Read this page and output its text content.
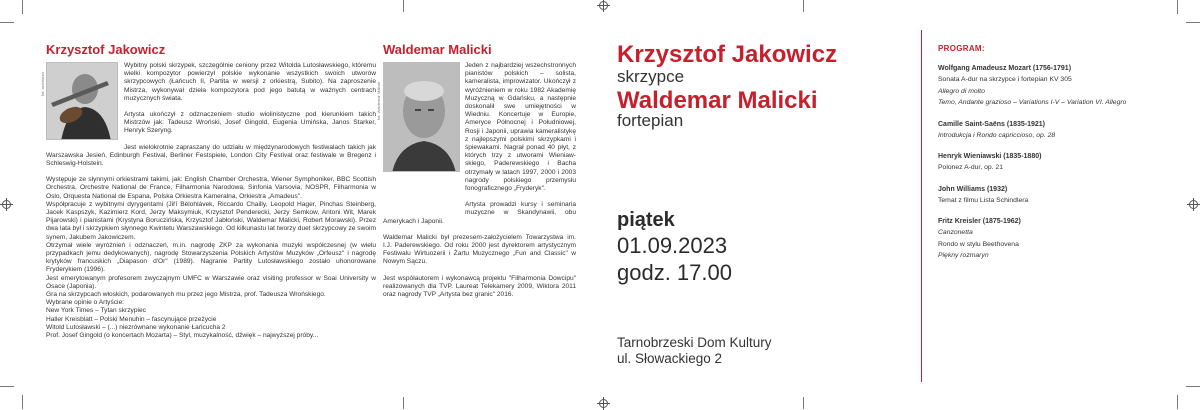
Krzysztof Jakowicz
fot. archiwum

Wybitny polski skrzypek, szczególnie ceniony przez Witolda Lutosławskiego, któremu wielki kompozytor powierzył polskie wykonanie wszystkich swoich utworów skrzypcowych (Łańcuch II, Partita w wersji z orkiestrą, Subito). Na zaproszenie Mistrza, wykonywał dzieła kompozytora pod jego batutą w ważnych centrach muzycznych świata.

Artysta ukończył z odznaczeniem studio wiolinistyczne pod kierunkiem takich Mistrzów jak: Tadeusz Wroński, Josef Gingold, Eugenia Umińska, Janos Starker, Henryk Szeryng.

Jest wielokrotnie zapraszany do udziału w międzynarodowych festiwalach takich jak Warszawska Jesień, Edinburgh Festival, Berliner Festspiele, London City Festival oraz festiwale w Bregenz i Schleswig-Holstein.

Występuje ze słynnymi orkiestrami takimi, jak: English Chamber Orchestra, Wiener Symphoniker, BBC Scottish Orchestra, Orchestre National de France, Filharmonia Narodowa, Sinfonia Varsovia, NOSPR, Filharmonia w Oslo, Orquesta National de Espana, Polska Orkiestra Kameralna, Orkiestra „Amadeus".

Współpracuje z wybitnymi dyrygentami (Jiří Bělohlávek, Riccardo Chailly, Leopold Hager, Pinchas Steinberg, Jacek Kaspszyk, Kazimierz Kord, Jerzy Maksymiuk, Krzysztof Penderecki, Jerzy Semkow, Antoni Wit, Marek Pijarowski) i pianistami (Krystyna Boruczińska, Krzysztof Jabłoński, Waldemar Malicki, Robert Morawski). Przez dwa lata był i skrzypkiem słynnego Kwintetu Warszawskiego. Od kilkunastu lat tworzy duet skrzypcowy ze swoim synem, Jakubem Jakowiczem.

Otrzymał wiele wyróżnień i odznaczeń, m.in. nagrodę ZKP za wykonania muzyki współczesnej (w wielu przypadkach jemu dedykowanych), nagrodę Stowarzyszenia Polskich Artystów Muzyków „Orfeusz" i nagrodę krytyków francuskich „Diapason d'Or" (1989). Nagranie Partity Lutosławskiego zostało uhonorowane Fryderykiem (1996).

Jest emerytowanym profesorem zwyczajnym UMFC w Warszawie oraz visiting professor w Soai University w Osace (Japonia).

Gra na skrzypcach włoskich, podarowanych mu przez jego Mistrza, prof. Tadeusza Wrońskiego.

Wybrane opinie o Artyście:

New York Times – Tytan skrzypiec

Haller Kreisblatt – Polski Menuhin – fascynujące przeżycie

Witold Lutosławski – (...) niezrównane wykonanie Łańcucha 2

Prof. Josef Gingold (o koncertach Mozarta) – Styl, muzykalność, dźwięk – najwyższej próby...

Waldemar Malicki
fot. Waldemar Malicki

Jeden z najbardziej wszechstronnych pianistów polskich – solista, kameralista, improwizator. Ukończył z wyróżnieniem w roku 1982 Akademię Muzyczną w Gdańsku, a następnie doskonalił swe umiejętności w Wiedniu. Koncertuje w Europie, Ameryce Północnej i Południowej, Rosji i Japonii, uprawia kameralistykę z najlepszymi polskimi skrzypkami i śpiewakami. Nagrał ponad 40 płyt, z których trzy z utworami Wieniawskiego, Paderewskiego i Bacha otrzymały w latach 1997, 2000 i 2003 nagrody polskiego przemysłu fonograficznego „Fryderyk".

Artysta prowadzi kursy i seminaria muzyczne w Skandynawii, obu Amerykach i Japonii.

Waldemar Malicki był prezesem-założycielem Towarzystwa im. I.J. Paderewskiego. Od roku 2000 jest dyrektorem artystycznym Festiwalu Wirtuozerii i Żartu Muzycznego „Fun and Classic" w Nowym Sączu.

Jest współautorem i wykonawcą projektu "Filharmonia Dowcipu" realizowanych dla TVP. Laureat Telekamery 2009, Wiktora 2011 oraz nagrody TVP „Artysta bez granic" 2016.

Krzysztof Jakowicz
skrzypce
Waldemar Malicki
fortepian
piątek
01.09.2023
godz. 17.00
Tarnobrzeski Dom Kultury
ul. Słowackiego 2
PROGRAM:
Wolfgang Amadeusz Mozart (1756-1791)
Sonata A-dur na skrzypce i fortepian KV 305
Allegro di molto
Temo, Andante grazioso – Variations I-V – Variation VI. Allegro
Camille Saint-Saëns (1835-1921)
Introdukcja i Rondo capriccioso, op. 28
Henryk Wieniawski (1835-1880)
Polonez A-dur, op. 21
John Williams (1932)
Temat z filmu Lista Schindlera
Fritz Kreisler (1875-1962)
Canzonetta
Rondo w stylu Beethovena
Piękny rozmaryn
